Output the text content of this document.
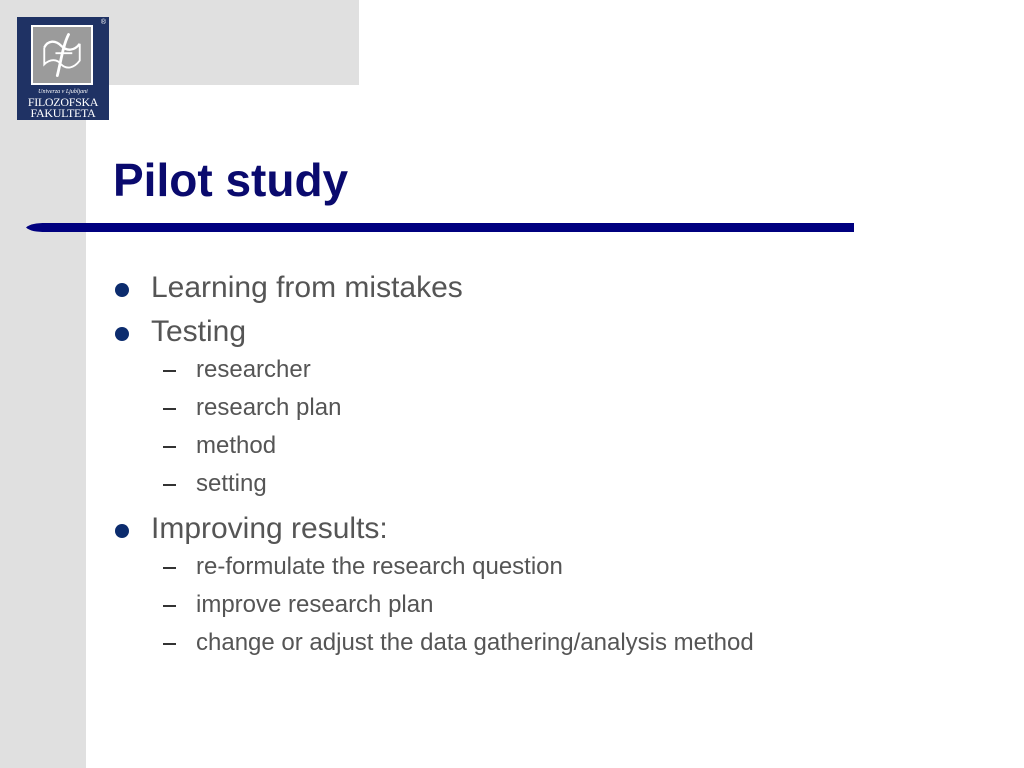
®
Univerza v Ljubljani
FILOZOFSKA
FAKULTETA
Pilot study
Learning from mistakes
Testing
researcher
research plan
method
setting
Improving results:
re-formulate the research question
improve research plan
change or adjust the data gathering/analysis method
